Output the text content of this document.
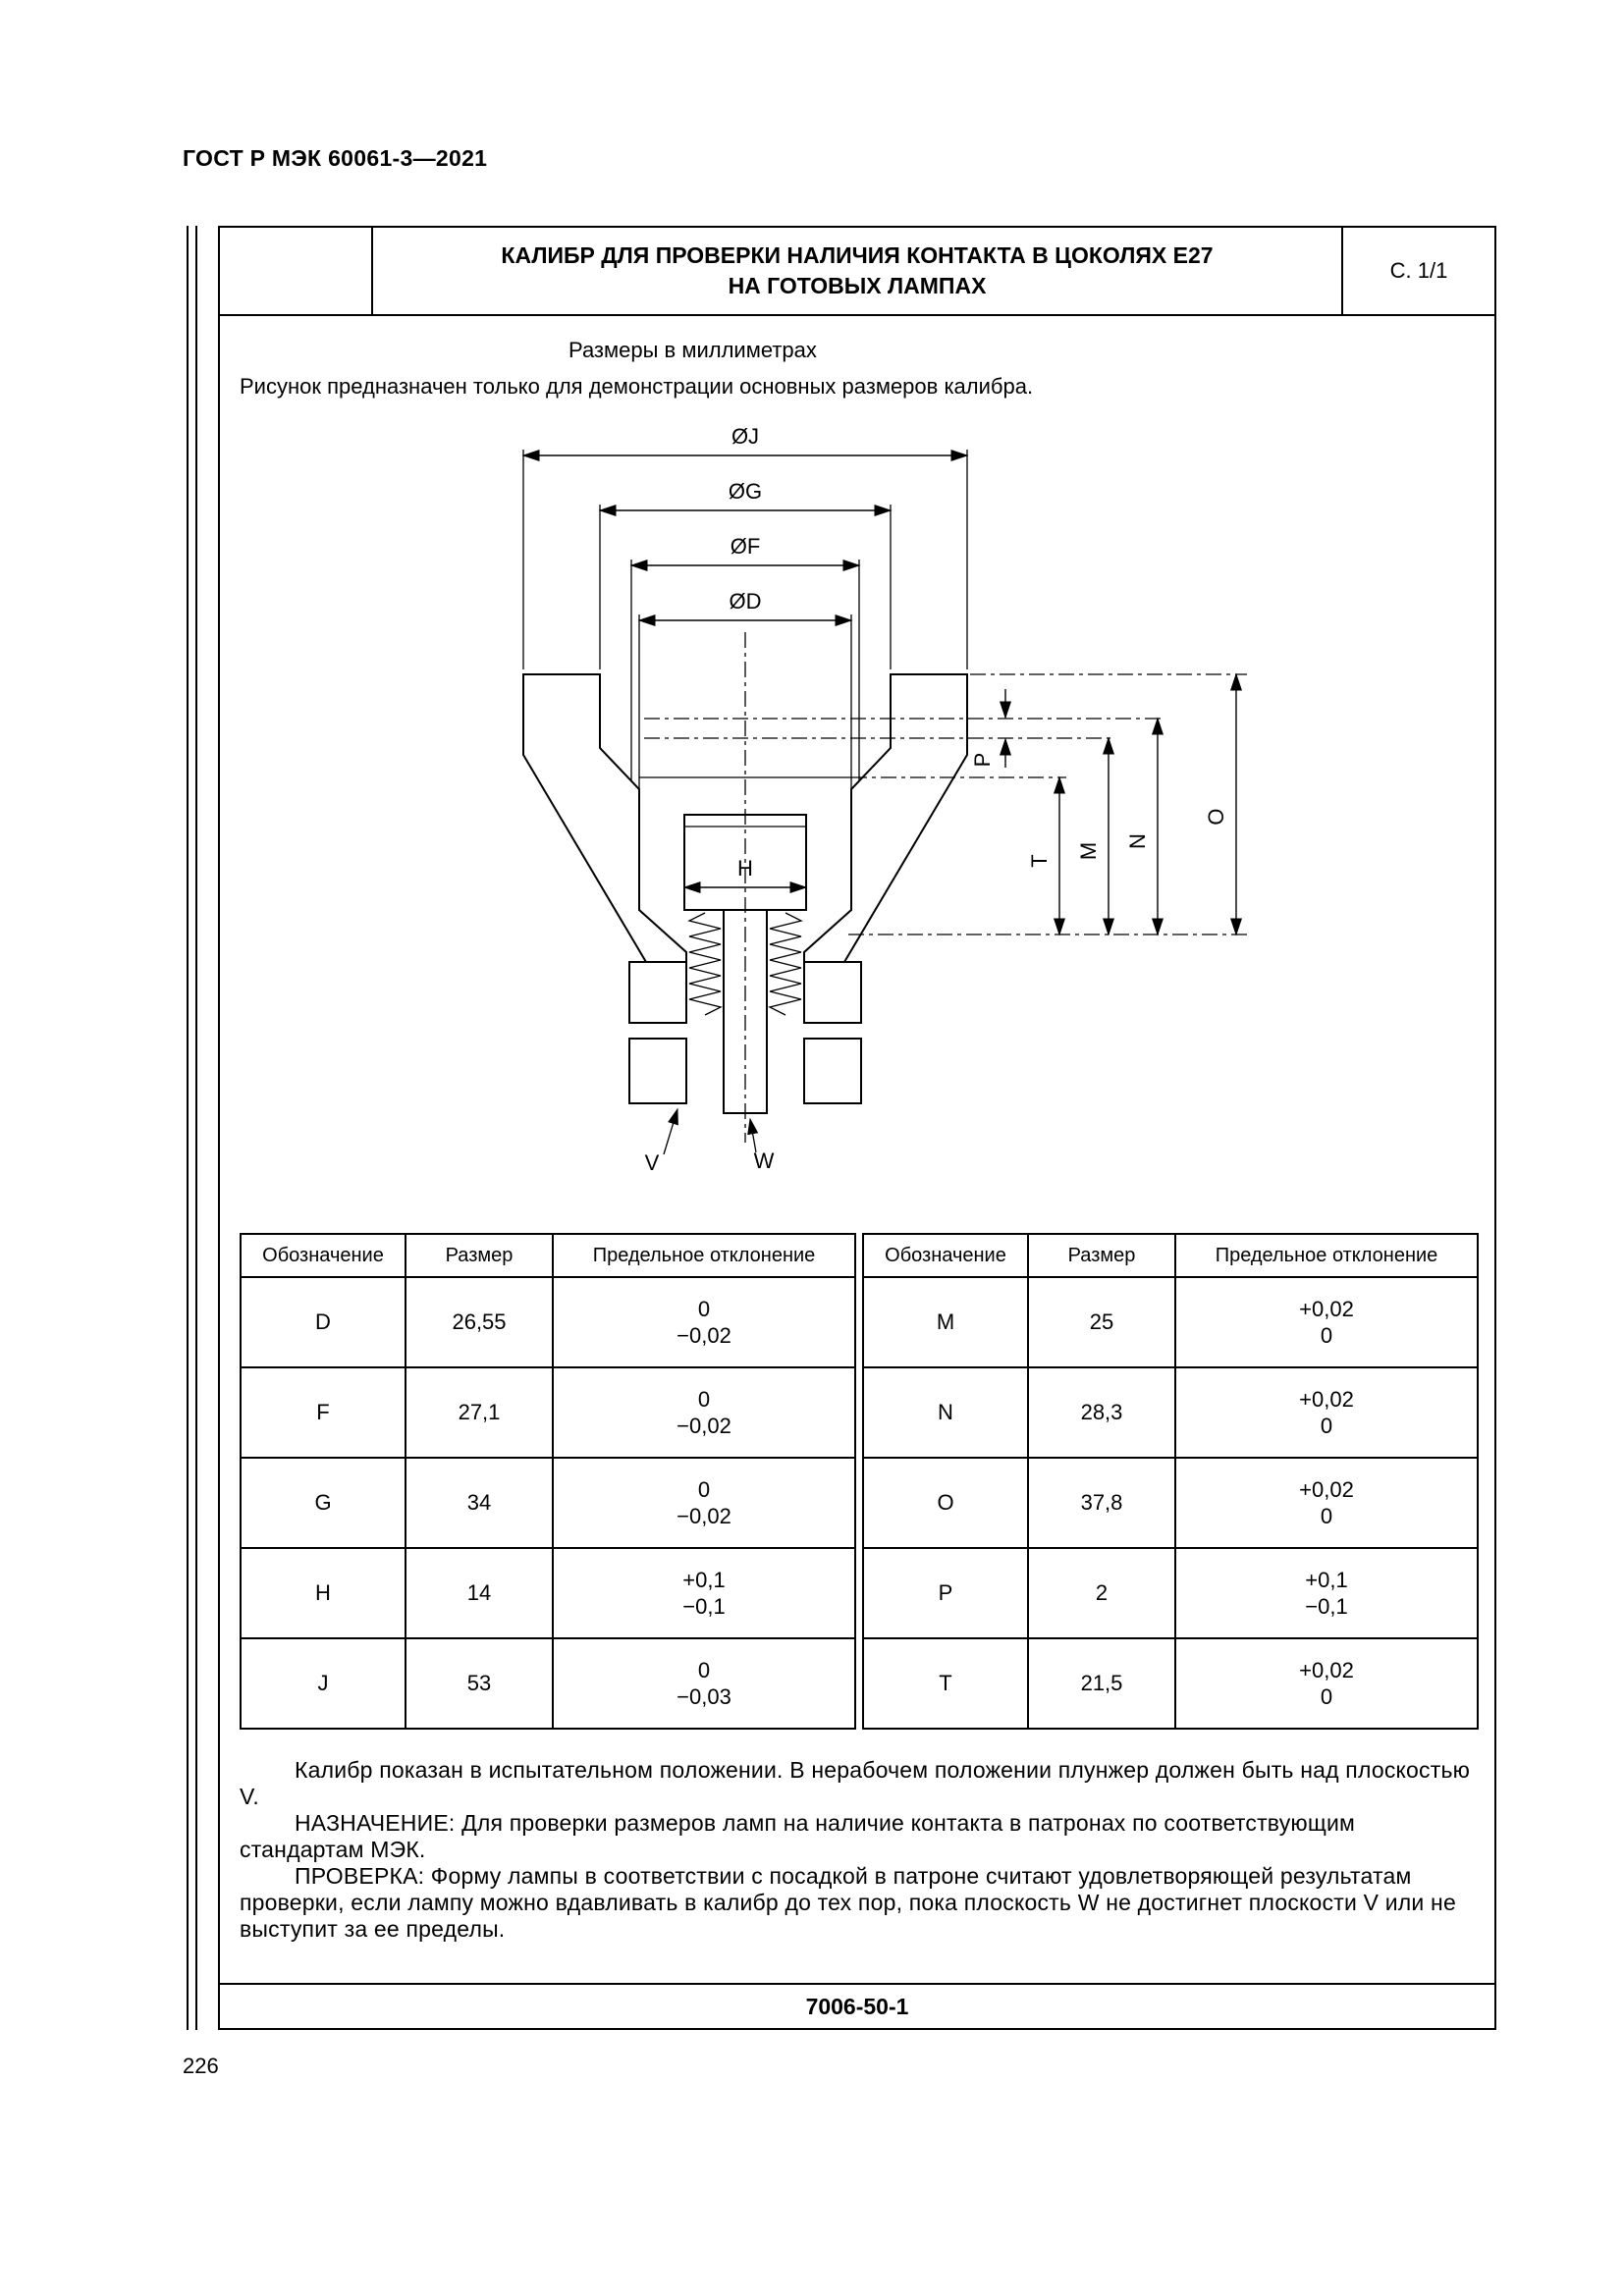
ГОСТ Р МЭК 60061-3—2021
КАЛИБР ДЛЯ ПРОВЕРКИ НАЛИЧИЯ КОНТАКТА В ЦОКОЛЯХ Е27
НА ГОТОВЫХ ЛАМПАХ
С. 1/1
Размеры в миллиметрах
Рисунок предназначен только для демонстрации основных размеров калибра.
ØJ
ØG
ØF
ØD
P
T
M
N
O
H
V	W
Обозначение	Размер	Предельное отклонение
D	26,55	0
−0,02

F	27,1	0
−0,02

G	34	0
−0,02

H	14	+0,1
−0,1

J	53	0
−0,03
Обозначение	Размер	Предельное отклонение
M	25	+0,02
0

N	28,3	+0,02
0

O	37,8	+0,02
0

P	2	+0,1
−0,1

T	21,5	+0,02
0

Калибр показан в испытательном положении. В нерабочем положении плунжер должен быть над плоскостью V.

НАЗНАЧЕНИЕ: Для проверки размеров ламп на наличие контакта в патронах по соответствующим стандартам МЭК.

ПРОВЕРКА: Форму лампы в соответствии с посадкой в патроне считают удовлетворяющей результатам проверки, если лампу можно вдавливать в калибр до тех пор, пока плоскость W не достигнет плоскости V или не выступит за ее пределы.

7006-50-1
226
